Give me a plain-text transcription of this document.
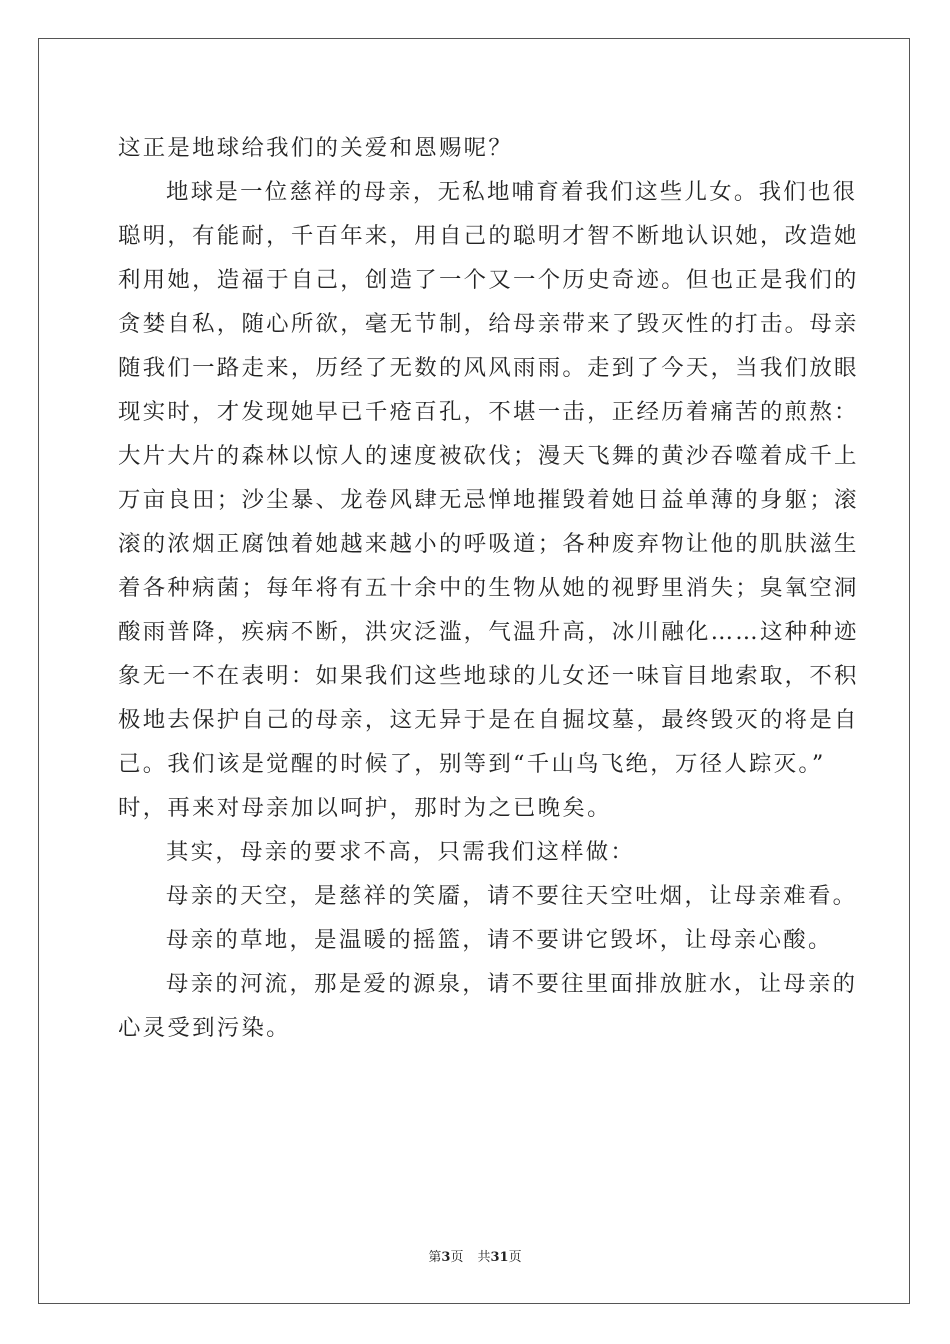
这正是地球给我们的关爱和恩赐呢？
地球是一位慈祥的母亲，无私地哺育着我们这些儿女。我们也很
聪明，有能耐，千百年来，用自己的聪明才智不断地认识她，改造她
利用她，造福于自己，创造了一个又一个历史奇迹。但也正是我们的
贪婪自私，随心所欲，毫无节制，给母亲带来了毁灭性的打击。母亲
随我们一路走来，历经了无数的风风雨雨。走到了今天，当我们放眼
现实时，才发现她早已千疮百孔，不堪一击，正经历着痛苦的煎熬：
大片大片的森林以惊人的速度被砍伐；漫天飞舞的黄沙吞噬着成千上
万亩良田；沙尘暴、龙卷风肆无忌惮地摧毁着她日益单薄的身躯；滚
滚的浓烟正腐蚀着她越来越小的呼吸道；各种废弃物让他的肌肤滋生
着各种病菌；每年将有五十余中的生物从她的视野里消失；臭氧空洞
酸雨普降，疾病不断，洪灾泛滥，气温升高，冰川融化……这种种迹
象无一不在表明：如果我们这些地球的儿女还一味盲目地索取，不积
极地去保护自己的母亲，这无异于是在自掘坟墓，最终毁灭的将是自
己。我们该是觉醒的时候了，别等到“千山鸟飞绝，万径人踪灭。”
时，再来对母亲加以呵护，那时为之已晚矣。
其实，母亲的要求不高，只需我们这样做：
母亲的天空，是慈祥的笑靥，请不要往天空吐烟，让母亲难看。
母亲的草地，是温暖的摇篮，请不要讲它毁坏，让母亲心酸。
母亲的河流，那是爱的源泉，请不要往里面排放脏水，让母亲的
心灵受到污染。
第3页 共31页
